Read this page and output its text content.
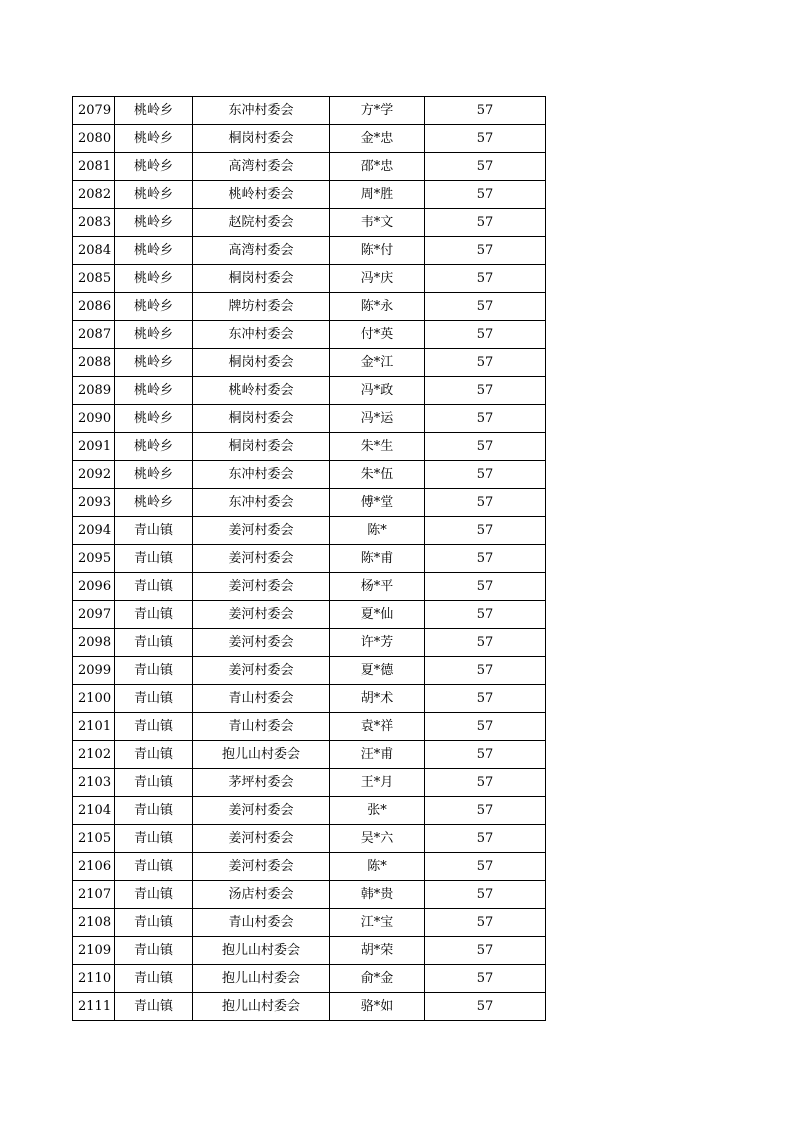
2079	桃岭乡	东冲村委会	方*学	57
2080	桃岭乡	桐岗村委会	金*忠	57
2081	桃岭乡	高湾村委会	邵*忠	57
2082	桃岭乡	桃岭村委会	周*胜	57
2083	桃岭乡	赵院村委会	韦*文	57
2084	桃岭乡	高湾村委会	陈*付	57
2085	桃岭乡	桐岗村委会	冯*庆	57
2086	桃岭乡	牌坊村委会	陈*永	57
2087	桃岭乡	东冲村委会	付*英	57
2088	桃岭乡	桐岗村委会	金*江	57
2089	桃岭乡	桃岭村委会	冯*政	57
2090	桃岭乡	桐岗村委会	冯*运	57
2091	桃岭乡	桐岗村委会	朱*生	57
2092	桃岭乡	东冲村委会	朱*伍	57
2093	桃岭乡	东冲村委会	傅*堂	57
2094	青山镇	姜河村委会	陈*	57
2095	青山镇	姜河村委会	陈*甫	57
2096	青山镇	姜河村委会	杨*平	57
2097	青山镇	姜河村委会	夏*仙	57
2098	青山镇	姜河村委会	许*芳	57
2099	青山镇	姜河村委会	夏*德	57
2100	青山镇	青山村委会	胡*术	57
2101	青山镇	青山村委会	袁*祥	57
2102	青山镇	抱儿山村委会	汪*甫	57
2103	青山镇	茅坪村委会	王*月	57
2104	青山镇	姜河村委会	张*	57
2105	青山镇	姜河村委会	吴*六	57
2106	青山镇	姜河村委会	陈*	57
2107	青山镇	汤店村委会	韩*贵	57
2108	青山镇	青山村委会	江*宝	57
2109	青山镇	抱儿山村委会	胡*荣	57
2110	青山镇	抱儿山村委会	俞*金	57
2111	青山镇	抱儿山村委会	骆*如	57
